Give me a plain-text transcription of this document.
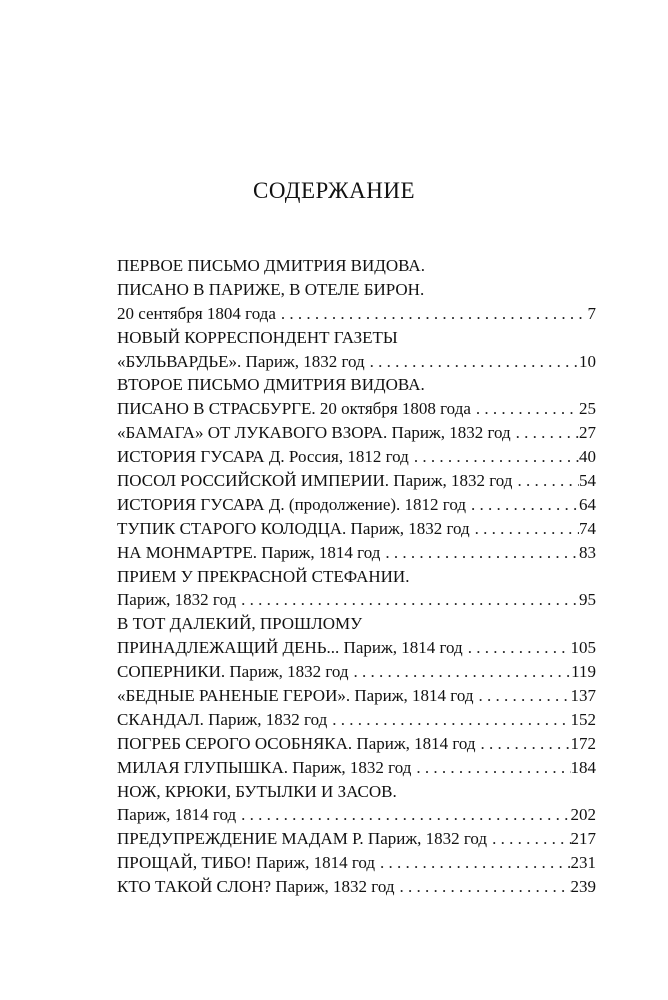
СОДЕРЖАНИЕ
ПЕРВОЕ ПИСЬМО ДМИТРИЯ ВИДОВА.
ПИСАНО В ПАРИЖЕ, В ОТЕЛЕ БИРОН.
20 сентября 1804 года . . .	7
НОВЫЙ КОРРЕСПОНДЕНТ ГАЗЕТЫ
«БУЛЬВАРДЬЕ». Париж, 1832 год . . .	10
ВТОРОЕ ПИСЬМО ДМИТРИЯ ВИДОВА.
ПИСАНО В СТРАСБУРГЕ. 20 октября 1808 года . . .	25
«БАМАГА» ОТ ЛУКАВОГО ВЗОРА. Париж, 1832 год . . .	27
ИСТОРИЯ ГУСАРА Д. Россия, 1812 год . . .	40
ПОСОЛ РОССИЙСКОЙ ИМПЕРИИ. Париж, 1832 год . . .	54
ИСТОРИЯ ГУСАРА Д. (продолжение). 1812 год . . .	64
ТУПИК СТАРОГО КОЛОДЦА. Париж, 1832 год . . .	74
НА МОНМАРТРЕ. Париж, 1814 год . . .	83
ПРИЕМ У ПРЕКРАСНОЙ СТЕФАНИИ.
Париж, 1832 год . . .	95
В ТОТ ДАЛЕКИЙ, ПРОШЛОМУ
ПРИНАДЛЕЖАЩИЙ ДЕНЬ... Париж, 1814 год . . .	105
СОПЕРНИКИ. Париж, 1832 год . . .	119
«БЕДНЫЕ РАНЕНЫЕ ГЕРОИ». Париж, 1814 год . . .	137
СКАНДАЛ. Париж, 1832 год . . .	152
ПОГРЕБ СЕРОГО ОСОБНЯКА. Париж, 1814 год . . .	172
МИЛАЯ ГЛУПЫШКА. Париж, 1832 год . . .	184
НОЖ, КРЮКИ, БУТЫЛКИ И ЗАСОВ.
Париж, 1814 год . . .	202
ПРЕДУПРЕЖДЕНИЕ МАДАМ Р. Париж, 1832 год . . .	217
ПРОЩАЙ, ТИБО! Париж, 1814 год . . .	231
КТО ТАКОЙ СЛОН? Париж, 1832 год . . .	239
